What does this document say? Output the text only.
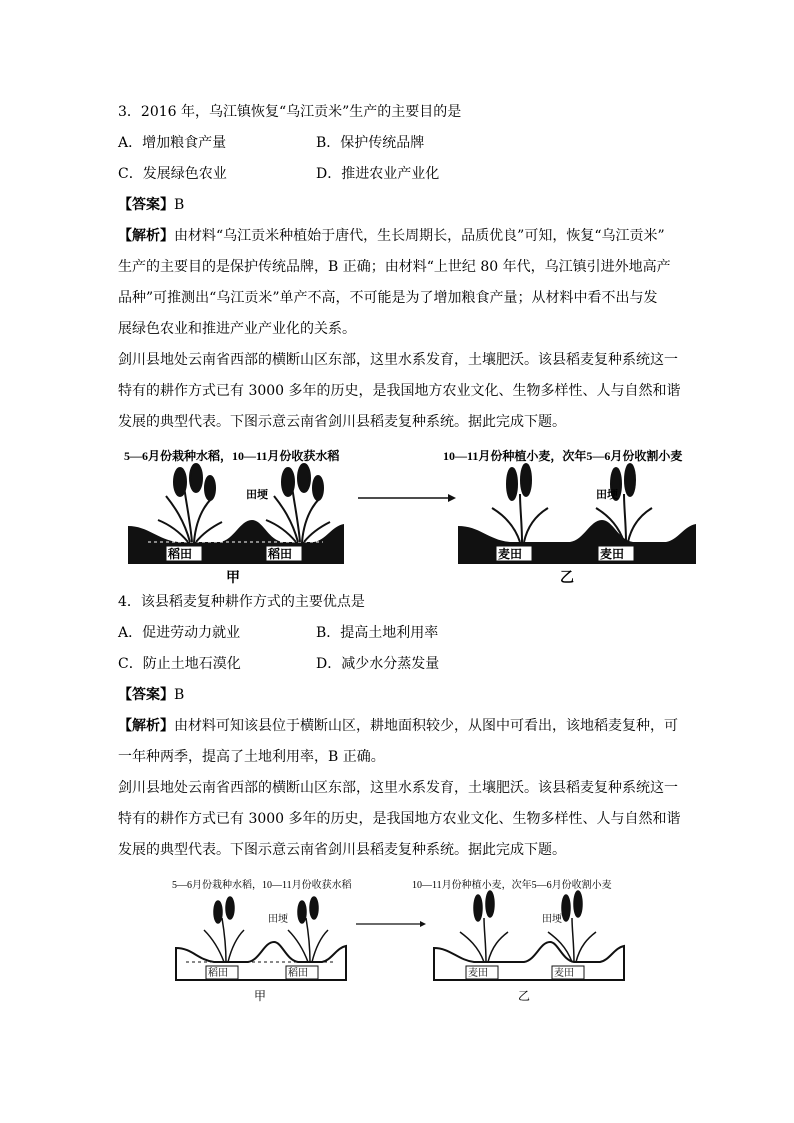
3．2016 年，乌江镇恢复“乌江贡米”生产的主要目的是
A．增加粮食产量	B．保护传统品牌
C．发展绿色农业	D．推进农业产业化
【答案】B
【解析】由材料“乌江贡米种植始于唐代，生长周期长，品质优良”可知，恢复“乌江贡米”
生产的主要目的是保护传统品牌，B 正确；由材料“上世纪 80 年代，乌江镇引进外地高产
品种”可推测出“乌江贡米”单产不高，不可能是为了增加粮食产量；从材料中看不出与发
展绿色农业和推进产业产业化的关系。
剑川县地处云南省西部的横断山区东部，这里水系发育，土壤肥沃。该县稻麦复种系统这一
特有的耕作方式已有 3000 多年的历史，是我国地方农业文化、生物多样性、人与自然和谐
发展的典型代表。下图示意云南省剑川县稻麦复种系统。据此完成下题。
5—6月份栽种水稻，10—11月份收获水稻	10—11月份种植小麦，次年5—6月份收割小麦
田埂
稻田	稻田
甲
田埂
麦田	麦田
乙
4．该县稻麦复种耕作方式的主要优点是
A．促进劳动力就业	B．提高土地利用率
C．防止土地石漠化	D．减少水分蒸发量
【答案】B
【解析】由材料可知该县位于横断山区，耕地面积较少，从图中可看出，该地稻麦复种，可
一年种两季，提高了土地利用率，B 正确。
剑川县地处云南省西部的横断山区东部，这里水系发育，土壤肥沃。该县稻麦复种系统这一
特有的耕作方式已有 3000 多年的历史，是我国地方农业文化、生物多样性、人与自然和谐
发展的典型代表。下图示意云南省剑川县稻麦复种系统。据此完成下题。
5—6月份栽种水稻，10—11月份收获水稻	10—11月份种植小麦，次年5—6月份收割小麦
田埂
稻田	稻田
甲
田埂
麦田	麦田
乙
